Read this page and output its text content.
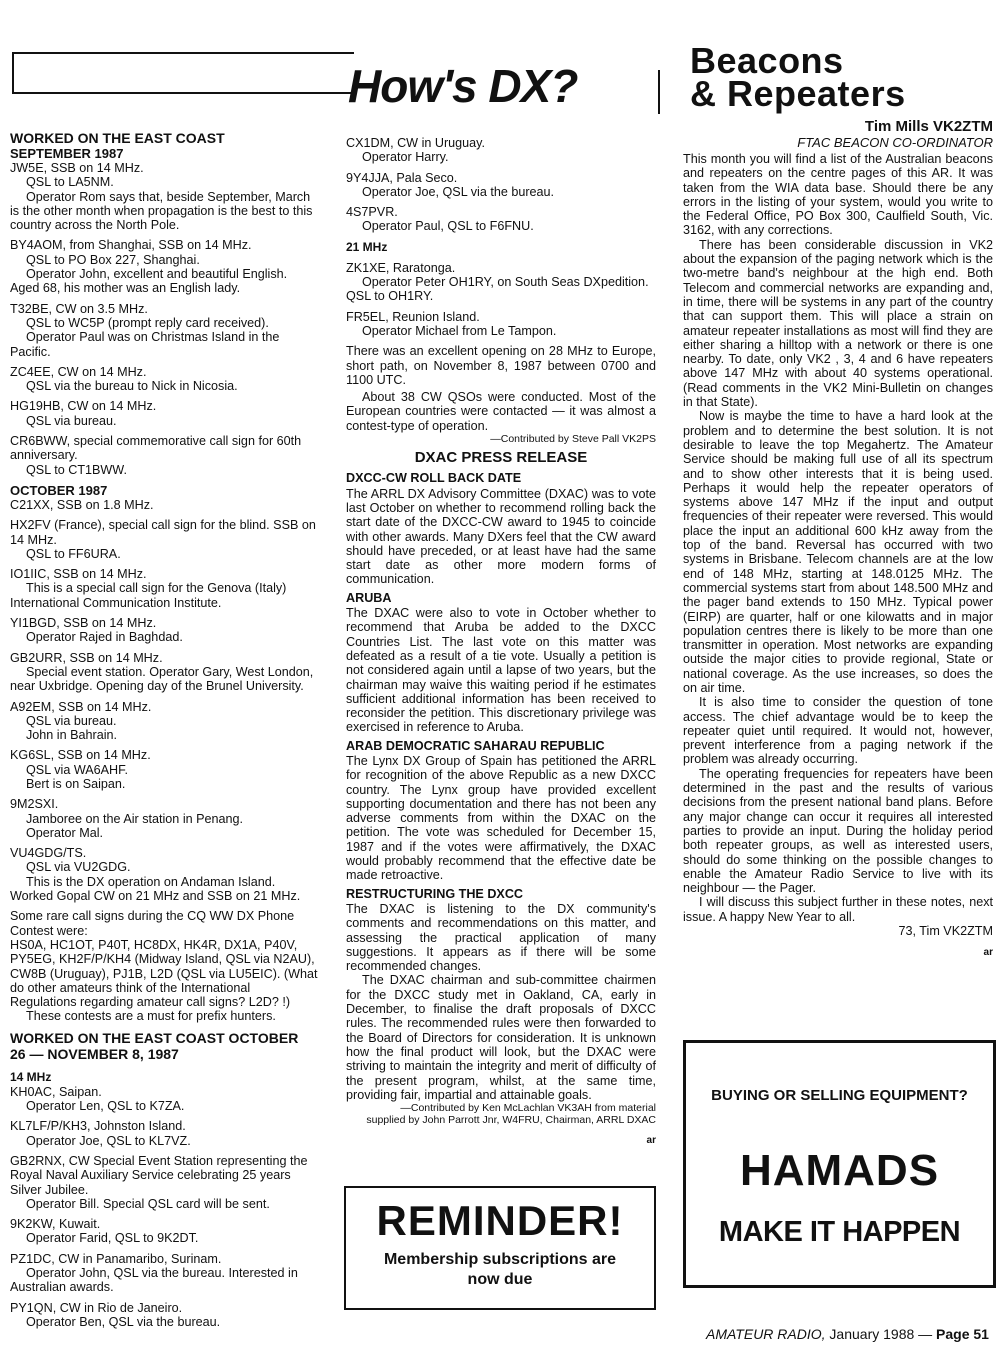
How's DX?

WORKED ON THE EAST COAST

SEPTEMBER 1987

JW5E, SSB on 14 MHz.
QSL to LA5NM.
Operator Rom says that, beside September, March
is the other month when propagation is the best to this
country across the North Pole.
BY4AOM, from Shanghai, SSB on 14 MHz.
QSL to PO Box 227, Shanghai.
Operator John, excellent and beautiful English.
Aged 68, his mother was an English lady.
T32BE, CW on 3.5 MHz.
QSL to WC5P (prompt reply card received).
Operator Paul was on Christmas Island in the
Pacific.
ZC4EE, CW on 14 MHz.
QSL via the bureau to Nick in Nicosia.
HG19HB, CW on 14 MHz.
QSL via bureau.
CR6BWW, special commemorative call sign for 60th
anniversary.
QSL to CT1BWW.

OCTOBER 1987

C21XX, SSB on 1.8 MHz.
HX2FV (France), special call sign for the blind. SSB on
14 MHz.
QSL to FF6URA.
IO1IIC, SSB on 14 MHz.
This is a special call sign for the Genova (Italy)
International Communication Institute.
YI1BGD, SSB on 14 MHz.
Operator Rajed in Baghdad.
GB2URR, SSB on 14 MHz.
Special event station. Operator Gary, West London,
near Uxbridge. Opening day of the Brunel University.
A92EM, SSB on 14 MHz.
QSL via bureau.
John in Bahrain.
KG6SL, SSB on 14 MHz.
QSL via WA6AHF.
Bert is on Saipan.
9M2SXI.
Jamboree on the Air station in Penang.
Operator Mal.
VU4GDG/TS.
QSL via VU2GDG.
This is the DX operation on Andaman Island.
Worked Gopal CW on 21 MHz and SSB on 21 MHz.
Some rare call signs during the CQ WW DX Phone
Contest were:
HS0A, HC1OT, P40T, HC8DX, HK4R, DX1A, P40V,
PY5EG, KH2F/P/KH4 (Midway Island, QSL via N2AU),
CW8B (Uruguay), PJ1B, L2D (QSL via LU5EIC). (What
do other amateurs think of the International
Regulations regarding amateur call signs? L2D? !)
These contests are a must for prefix hunters.

WORKED ON THE EAST COAST OCTOBER

26 — NOVEMBER 8, 1987

14 MHz

KH0AC, Saipan.
Operator Len, QSL to K7ZA.
KL7LF/P/KH3, Johnston Island.
Operator Joe, QSL to KL7VZ.
GB2RNX, CW Special Event Station representing the
Royal Naval Auxiliary Service celebrating 25 years
Silver Jubilee.
Operator Bill. Special QSL card will be sent.
9K2KW, Kuwait.
Operator Farid, QSL to 9K2DT.
PZ1DC, CW in Panamaribo, Surinam.
Operator John, QSL via the bureau. Interested in
Australian awards.
PY1QN, CW in Rio de Janeiro.
Operator Ben, QSL via the bureau.
CX1DM, CW in Uruguay.
Operator Harry.
9Y4JJA, Pala Seco.
Operator Joe, QSL via the bureau.
4S7PVR.
Operator Paul, QSL to F6FNU.

21 MHz

ZK1XE, Raratonga.
Operator Peter OH1RY, on South Seas DXpedition.
QSL to OH1RY.
FR5EL, Reunion Island.
Operator Michael from Le Tampon.

There was an excellent opening on 28 MHz to Europe, short path, on November 8, 1987 between 0700 and 1100 UTC.

About 38 CW QSOs were conducted. Most of the European countries were contacted — it was almost a contest-type of operation.

—Contributed by Steve Pall VK2PS

DXAC PRESS RELEASE

DXCC-CW ROLL BACK DATE

The ARRL DX Advisory Committee (DXAC) was to vote last October on whether to recommend rolling back the start date of the DXCC-CW award to 1945 to coincide with other awards. Many DXers feel that the CW award should have preceded, or at least have had the same start date as other more modern forms of communication.

ARUBA

The DXAC were also to vote in October whether to recommend that Aruba be added to the DXCC Countries List. The last vote on this matter was defeated as a result of a tie vote. Usually a petition is not considered again until a lapse of two years, but the chairman may waive this waiting period if he estimates sufficient additional information has been received to reconsider the petition. This discretionary privilege was exercised in reference to Aruba.

ARAB DEMOCRATIC SAHARAU REPUBLIC

The Lynx DX Group of Spain has petitioned the ARRL for recognition of the above Republic as a new DXCC country. The Lynx group have provided excellent supporting documentation and there has not been any adverse comments from within the DXAC on the petition. The vote was scheduled for December 15, 1987 and if the votes were affirmatively, the DXAC would probably recommend that the effective date be made retroactive.

RESTRUCTURING THE DXCC

The DXAC is listening to the DX community's comments and recommendations on this matter, and assessing the practical application of many suggestions. It appears as if there will be some recommended changes.

The DXAC chairman and sub-committee chairmen for the DXCC study met in Oakland, CA, early in December, to finalise the draft proposals of DXCC rules. The recommended rules were then forwarded to the Board of Directors for consideration. It is unknown how the final product will look, but the DXAC were striving to maintain the integrity and merit of difficulty of the present program, whilst, at the same time, providing fair, impartial and attainable goals.

—Contributed by Ken McLachlan VK3AH from material

supplied by John Parrott Jnr, W4FRU, Chairman, ARRL DXAC

ar

REMINDER!
Membership subscriptions are
now due
Beacons
& Repeaters

Tim Mills VK2ZTM

FTAC BEACON CO-ORDINATOR

This month you will find a list of the Australian beacons and repeaters on the centre pages of this AR. It was taken from the WIA data base. Should there be any errors in the listing of your system, would you write to the Federal Office, PO Box 300, Caulfield South, Vic. 3162, with any corrections.

There has been considerable discussion in VK2 about the expansion of the paging network which is the two-metre band's neighbour at the high end. Both Telecom and commercial networks are expanding and, in time, there will be systems in any part of the country that can support them. This will place a strain on amateur repeater installations as most will find they are either sharing a hilltop with a network or there is one nearby. To date, only VK2 , 3, 4 and 6 have repeaters above 147 MHz with about 40 systems operational. (Read comments in the VK2 Mini-Bulletin on changes in that State).

Now is maybe the time to have a hard look at the problem and to determine the best solution. It is not desirable to leave the top Megahertz. The Amateur Service should be making full use of all its spectrum and to show other interests that it is being used. Perhaps it would help the repeater operators of systems above 147 MHz if the input and output frequencies of their repeater were reversed. This would place the input an additional 600 kHz away from the top of the band. Reversal has occurred with two systems in Brisbane. Telecom channels are at the low end of 148 MHz, starting at 148.0125 MHz. The commercial systems start from about 148.500 MHz and the pager band extends to 150 MHz. Typical power (EIRP) are quarter, half or one kilowatts and in major population centres there is likely to be more than one transmitter in operation. Most networks are expanding outside the major cities to provide regional, State or national coverage. As the use increases, so does the on air time.

It is also time to consider the question of tone access. The chief advantage would be to keep the repeater quiet until required. It would not, however, prevent interference from a paging network if the problem was already occurring.

The operating frequencies for repeaters have been determined in the past and the results of various decisions from the present national band plans. Before any major change can occur it requires all interested parties to provide an input. During the holiday period both repeater groups, as well as interested users, should do some thinking on the possible changes to enable the Amateur Radio Service to live with its neighbour — the Pager.

I will discuss this subject further in these notes, next issue. A happy New Year to all.

73, Tim VK2ZTM

ar

BUYING OR SELLING EQUIPMENT?
HAMADS
MAKE IT HAPPEN
AMATEUR RADIO, January 1988 — Page 51
